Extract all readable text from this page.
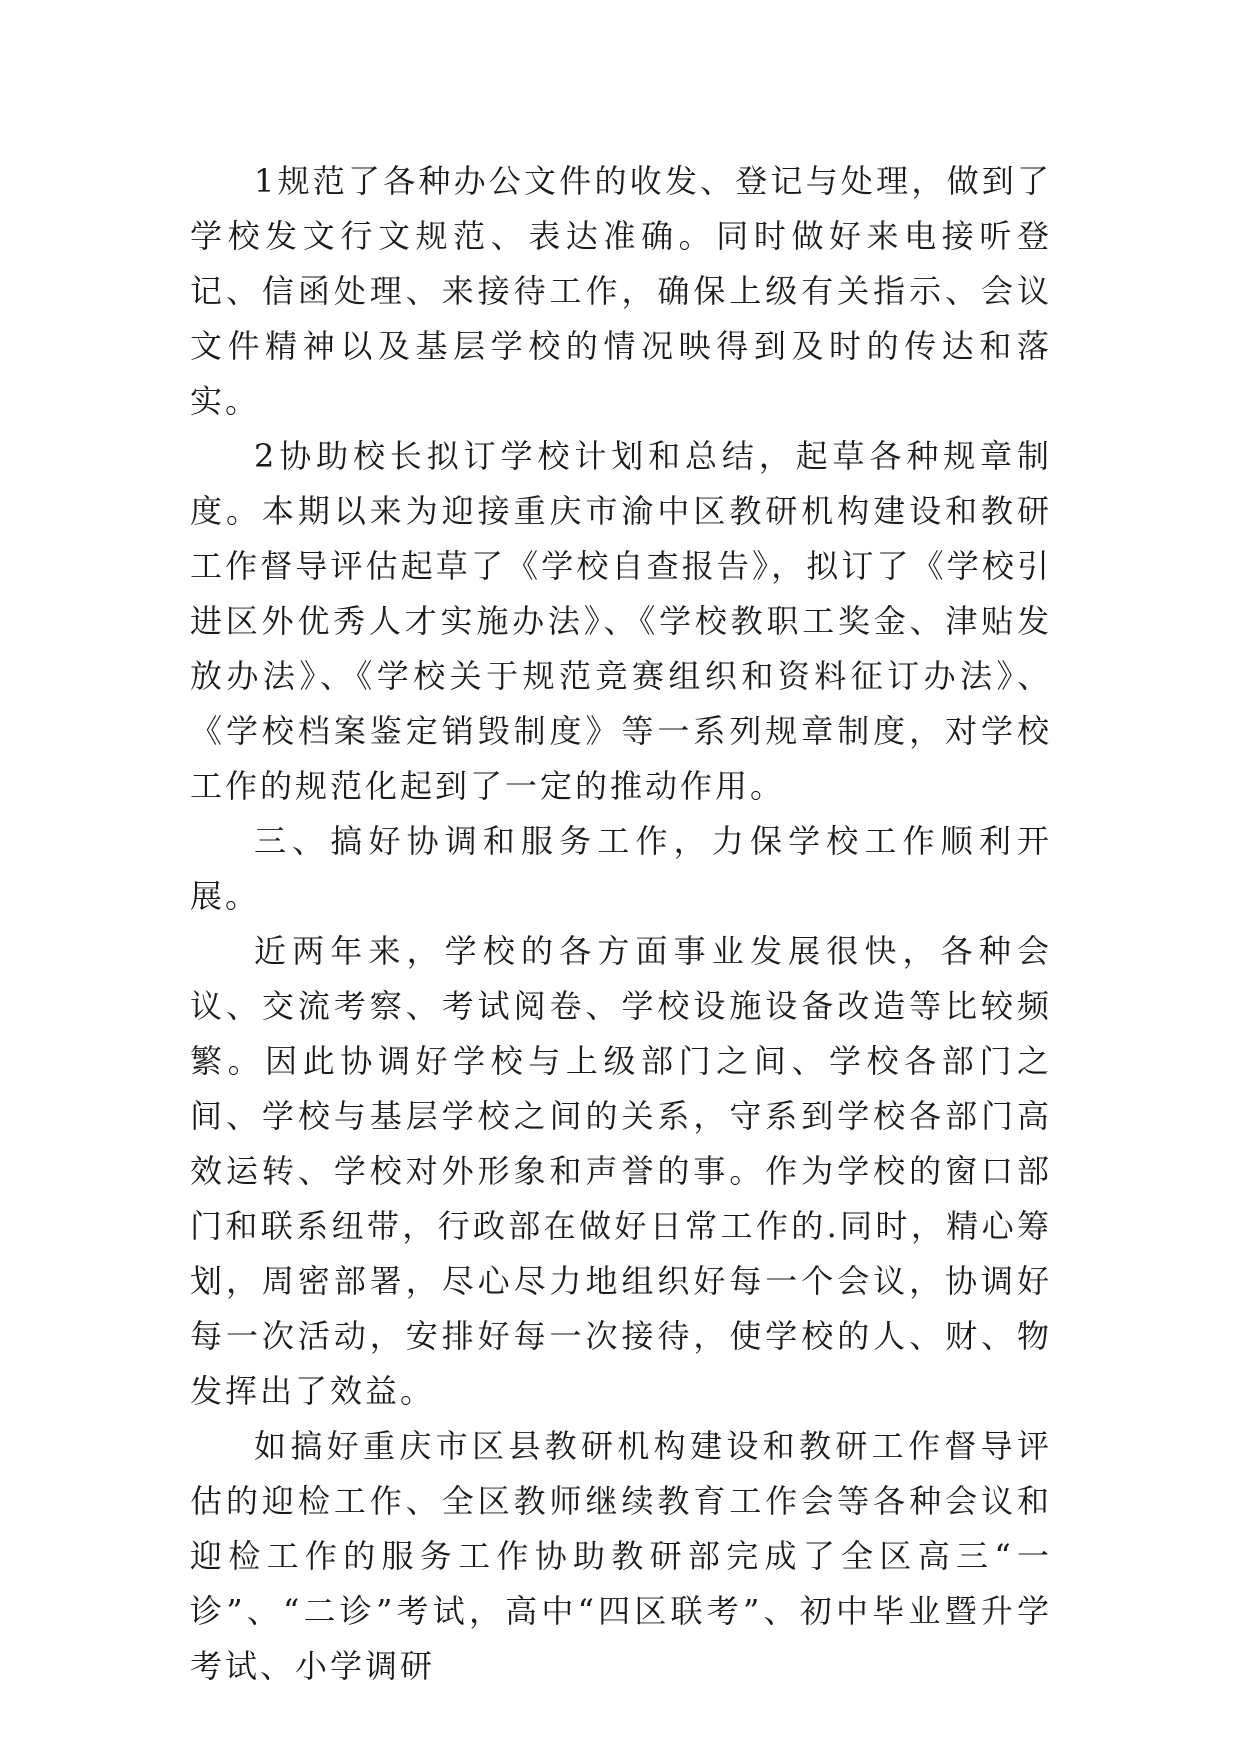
1规范了各种办公文件的收发、登记与处理，做到了学校发文行文规范、表达准确。同时做好来电接听登记、信函处理、来接待工作，确保上级有关指示、会议文件精神以及基层学校的情况映得到及时的传达和落实。

2协助校长拟订学校计划和总结，起草各种规章制度。本期以来为迎接重庆市渝中区教研机构建设和教研工作督导评估起草了《学校自查报告》，拟订了《学校引进区外优秀人才实施办法》、《学校教职工奖金、津贴发放办法》、《学校关于规范竞赛组织和资料征订办法》、《学校档案鉴定销毁制度》等一系列规章制度，对学校工作的规范化起到了一定的推动作用。

三、搞好协调和服务工作，力保学校工作顺利开展。

近两年来，学校的各方面事业发展很快，各种会议、交流考察、考试阅卷、学校设施设备改造等比较频繁。因此协调好学校与上级部门之间、学校各部门之间、学校与基层学校之间的关系，守系到学校各部门高效运转、学校对外形象和声誉的事。作为学校的窗口部门和联系纽带，行政部在做好日常工作的.同时，精心筹划，周密部署，尽心尽力地组织好每一个会议，协调好每一次活动，安排好每一次接待，使学校的人、财、物发挥出了效益。

如搞好重庆市区县教研机构建设和教研工作督导评估的迎检工作、全区教师继续教育工作会等各种会议和迎检工作的服务工作协助教研部完成了全区高三“一诊”、“二诊”考试，高中“四区联考”、初中毕业暨升学考试、小学调研
